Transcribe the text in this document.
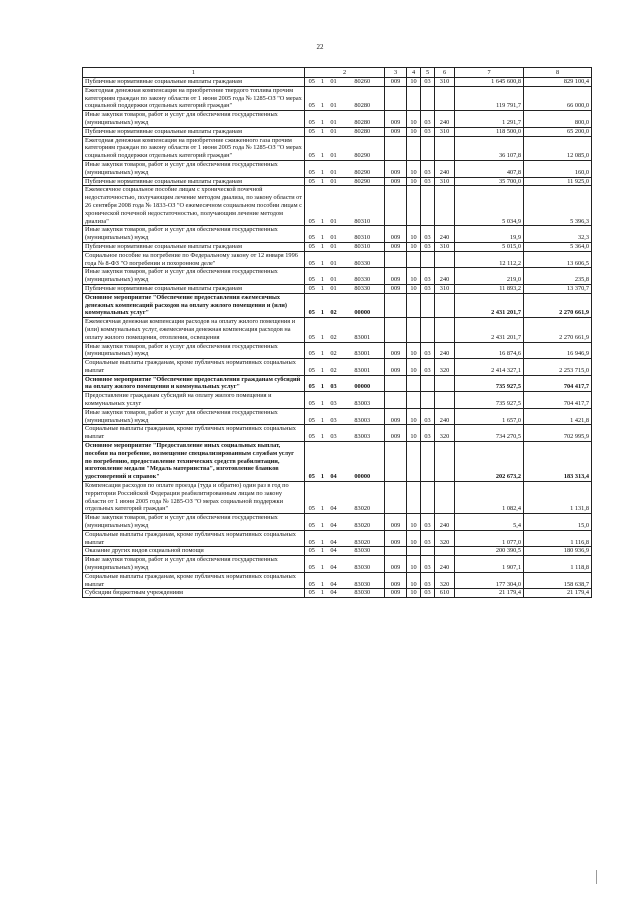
22
1	2				3	4	5	6	7	8
Публичные нормативные социальные выплаты гражданам	05	1	01	80260	009	10	03	310	1 645 600,8	829 100,4
Ежегодная денежная компенсация на приобретение твердого топлива прочим категориям граждан по закону области от 1 июня 2005 года № 1285-ОЗ "О мерах социальной поддержки отдельных категорий граждан"	05	1	01	80280					119 791,7	66 000,0
Иные закупки товаров, работ и услуг для обеспечения государственных (муниципальных) нужд	05	1	01	80280	009	10	03	240	1 291,7	800,0
Публичные нормативные социальные выплаты гражданам	05	1	01	80280	009	10	03	310	118 500,0	65 200,0
Ежегодная денежная компенсация на приобретение сжиженного газа прочим категориям граждан по закону области от 1 июня 2005 года № 1285-ОЗ "О мерах социальной поддержки отдельных категорий граждан"	05	1	01	80290					36 107,8	12 085,0
Иные закупки товаров, работ и услуг для обеспечения государственных (муниципальных) нужд	05	1	01	80290	009	10	03	240	407,8	160,0
Публичные нормативные социальные выплаты гражданам	05	1	01	80290	009	10	03	310	35 700,0	11 925,0
Ежемесячное социальное пособие лицам с хронической почечной недостаточностью, получающим лечение методом диализа, по закону области от 26 сентября 2008 года № 1833-ОЗ "О ежемесячном социальном пособии лицам с хронической почечной недостаточностью, получающим лечение методом диализа"	05	1	01	80310					5 034,9	5 396,3
Иные закупки товаров, работ и услуг для обеспечения государственных (муниципальных) нужд	05	1	01	80310	009	10	03	240	19,9	32,3
Публичные нормативные социальные выплаты гражданам	05	1	01	80310	009	10	03	310	5 015,0	5 364,0
Социальное пособие на погребение по Федеральному закону от 12 января 1996 года № 8-ФЗ "О погребении и похоронном деле"	05	1	01	80330					12 112,2	13 606,5
Иные закупки товаров, работ и услуг для обеспечения государственных (муниципальных) нужд	05	1	01	80330	009	10	03	240	219,0	235,8
Публичные нормативные социальные выплаты гражданам	05	1	01	80330	009	10	03	310	11 893,2	13 370,7
Основное мероприятие "Обеспечение предоставления ежемесячных денежных компенсаций расходов на оплату жилого помещения и (или) коммунальных услуг"	05	1	02	00000					2 431 201,7	2 270 661,9
Ежемесячная денежная компенсация расходов на оплату жилого помещения и (или) коммунальных услуг, ежемесячная денежная компенсация расходов на оплату жилого помещения, отопления, освещения	05	1	02	83001					2 431 201,7	2 270 661,9
Иные закупки товаров, работ и услуг для обеспечения государственных (муниципальных) нужд	05	1	02	83001	009	10	03	240	16 874,6	16 946,9
Социальные выплаты гражданам, кроме публичных нормативных социальных выплат	05	1	02	83001	009	10	03	320	2 414 327,1	2 253 715,0
Основное мероприятие "Обеспечение предоставления гражданам субсидий на оплату жилого помещения и коммунальных услуг"	05	1	03	00000					735 927,5	704 417,7
Предоставление гражданам субсидий на оплату жилого помещения и коммунальных услуг	05	1	03	83003					735 927,5	704 417,7
Иные закупки товаров, работ и услуг для обеспечения государственных (муниципальных) нужд	05	1	03	83003	009	10	03	240	1 657,0	1 421,8
Социальные выплаты гражданам, кроме публичных нормативных социальных выплат	05	1	03	83003	009	10	03	320	734 270,5	702 995,9
Основное мероприятие "Предоставление иных социальных выплат, пособия на погребение, возмещение специализированным службам услуг по погребению, предоставление технических средств реабилитации, изготовление медали "Медаль материнства", изготовление бланков удостоверений и справок"	05	1	04	00000					202 673,2	183 313,4
Компенсация расходов по оплате проезда (туда и обратно) один раз в год по территории Российской Федерации реабилитированным лицам по закону области от 1 июня 2005 года № 1285-ОЗ "О мерах социальной поддержки отдельных категорий граждан"	05	1	04	83020					1 082,4	1 131,8
Иные закупки товаров, работ и услуг для обеспечения государственных (муниципальных) нужд	05	1	04	83020	009	10	03	240	5,4	15,0
Социальные выплаты гражданам, кроме публичных нормативных социальных выплат	05	1	04	83020	009	10	03	320	1 077,0	1 116,8
Оказание других видов социальной помощи	05	1	04	83030					200 390,5	180 936,9
Иные закупки товаров, работ и услуг для обеспечения государственных (муниципальных) нужд	05	1	04	83030	009	10	03	240	1 907,1	1 118,8
Социальные выплаты гражданам, кроме публичных нормативных социальных выплат	05	1	04	83030	009	10	03	320	177 304,0	158 638,7
Субсидии бюджетным учреждениям	05	1	04	83030	009	10	03	610	21 179,4	21 179,4
